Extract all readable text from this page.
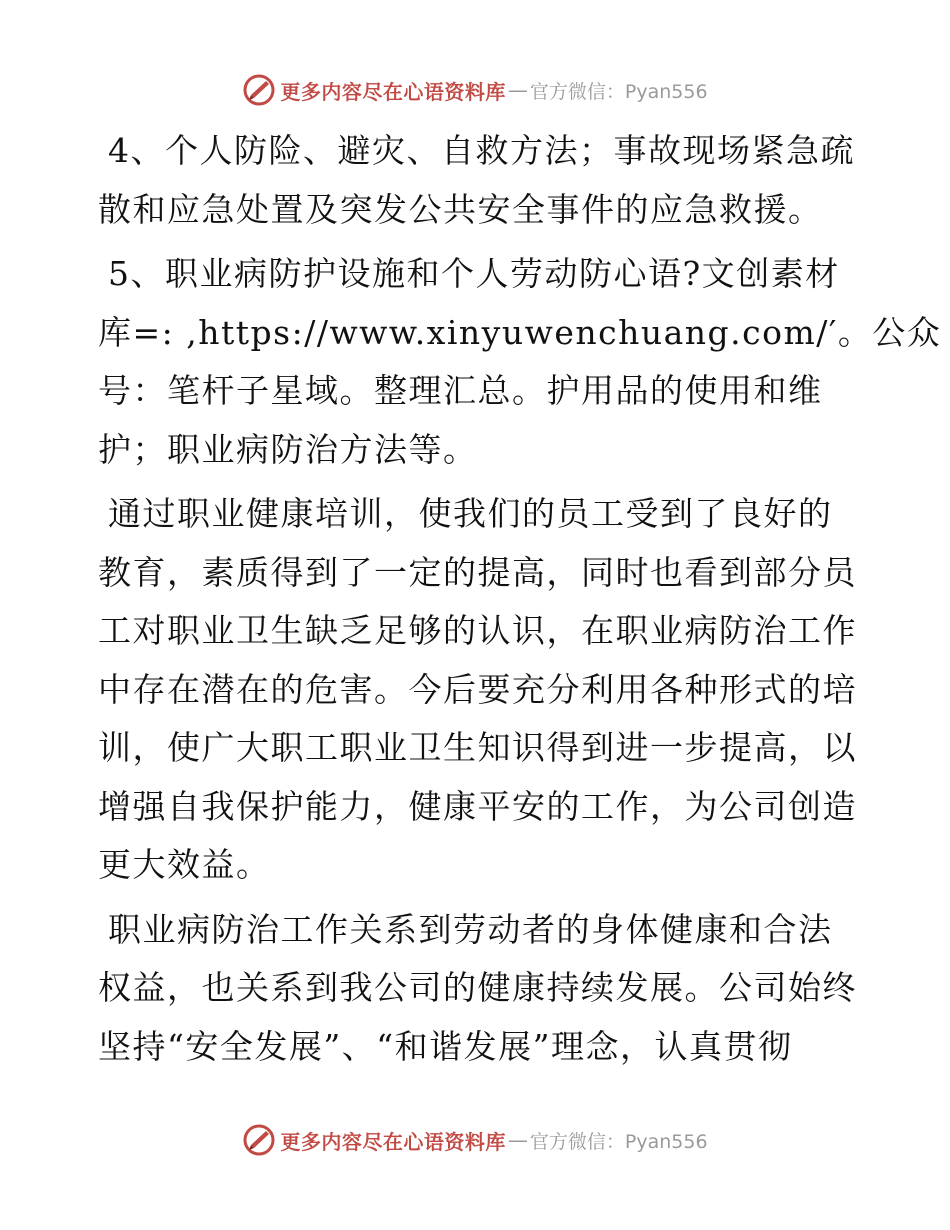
更多内容尽在心语资料库 — 官方微信：Pyan556
4、个人防险、避灾、自救方法；事故现场紧急疏
散和应急处置及突发公共安全事件的应急救援。
5、职业病防护设施和个人劳动防心语?文创素材
库=: ,https://www.xinyuwenchuang.com/′。公众
号：笔杆子星域。整理汇总。护用品的使用和维
护；职业病防治方法等。
通过职业健康培训，使我们的员工受到了良好的
教育，素质得到了一定的提高，同时也看到部分员
工对职业卫生缺乏足够的认识，在职业病防治工作
中存在潜在的危害。今后要充分利用各种形式的培
训，使广大职工职业卫生知识得到进一步提高，以
增强自我保护能力，健康平安的工作，为公司创造
更大效益。
职业病防治工作关系到劳动者的身体健康和合法
权益，也关系到我公司的健康持续发展。公司始终
坚持“安全发展”、“和谐发展”理念，认真贯彻
更多内容尽在心语资料库 — 官方微信：Pyan556
